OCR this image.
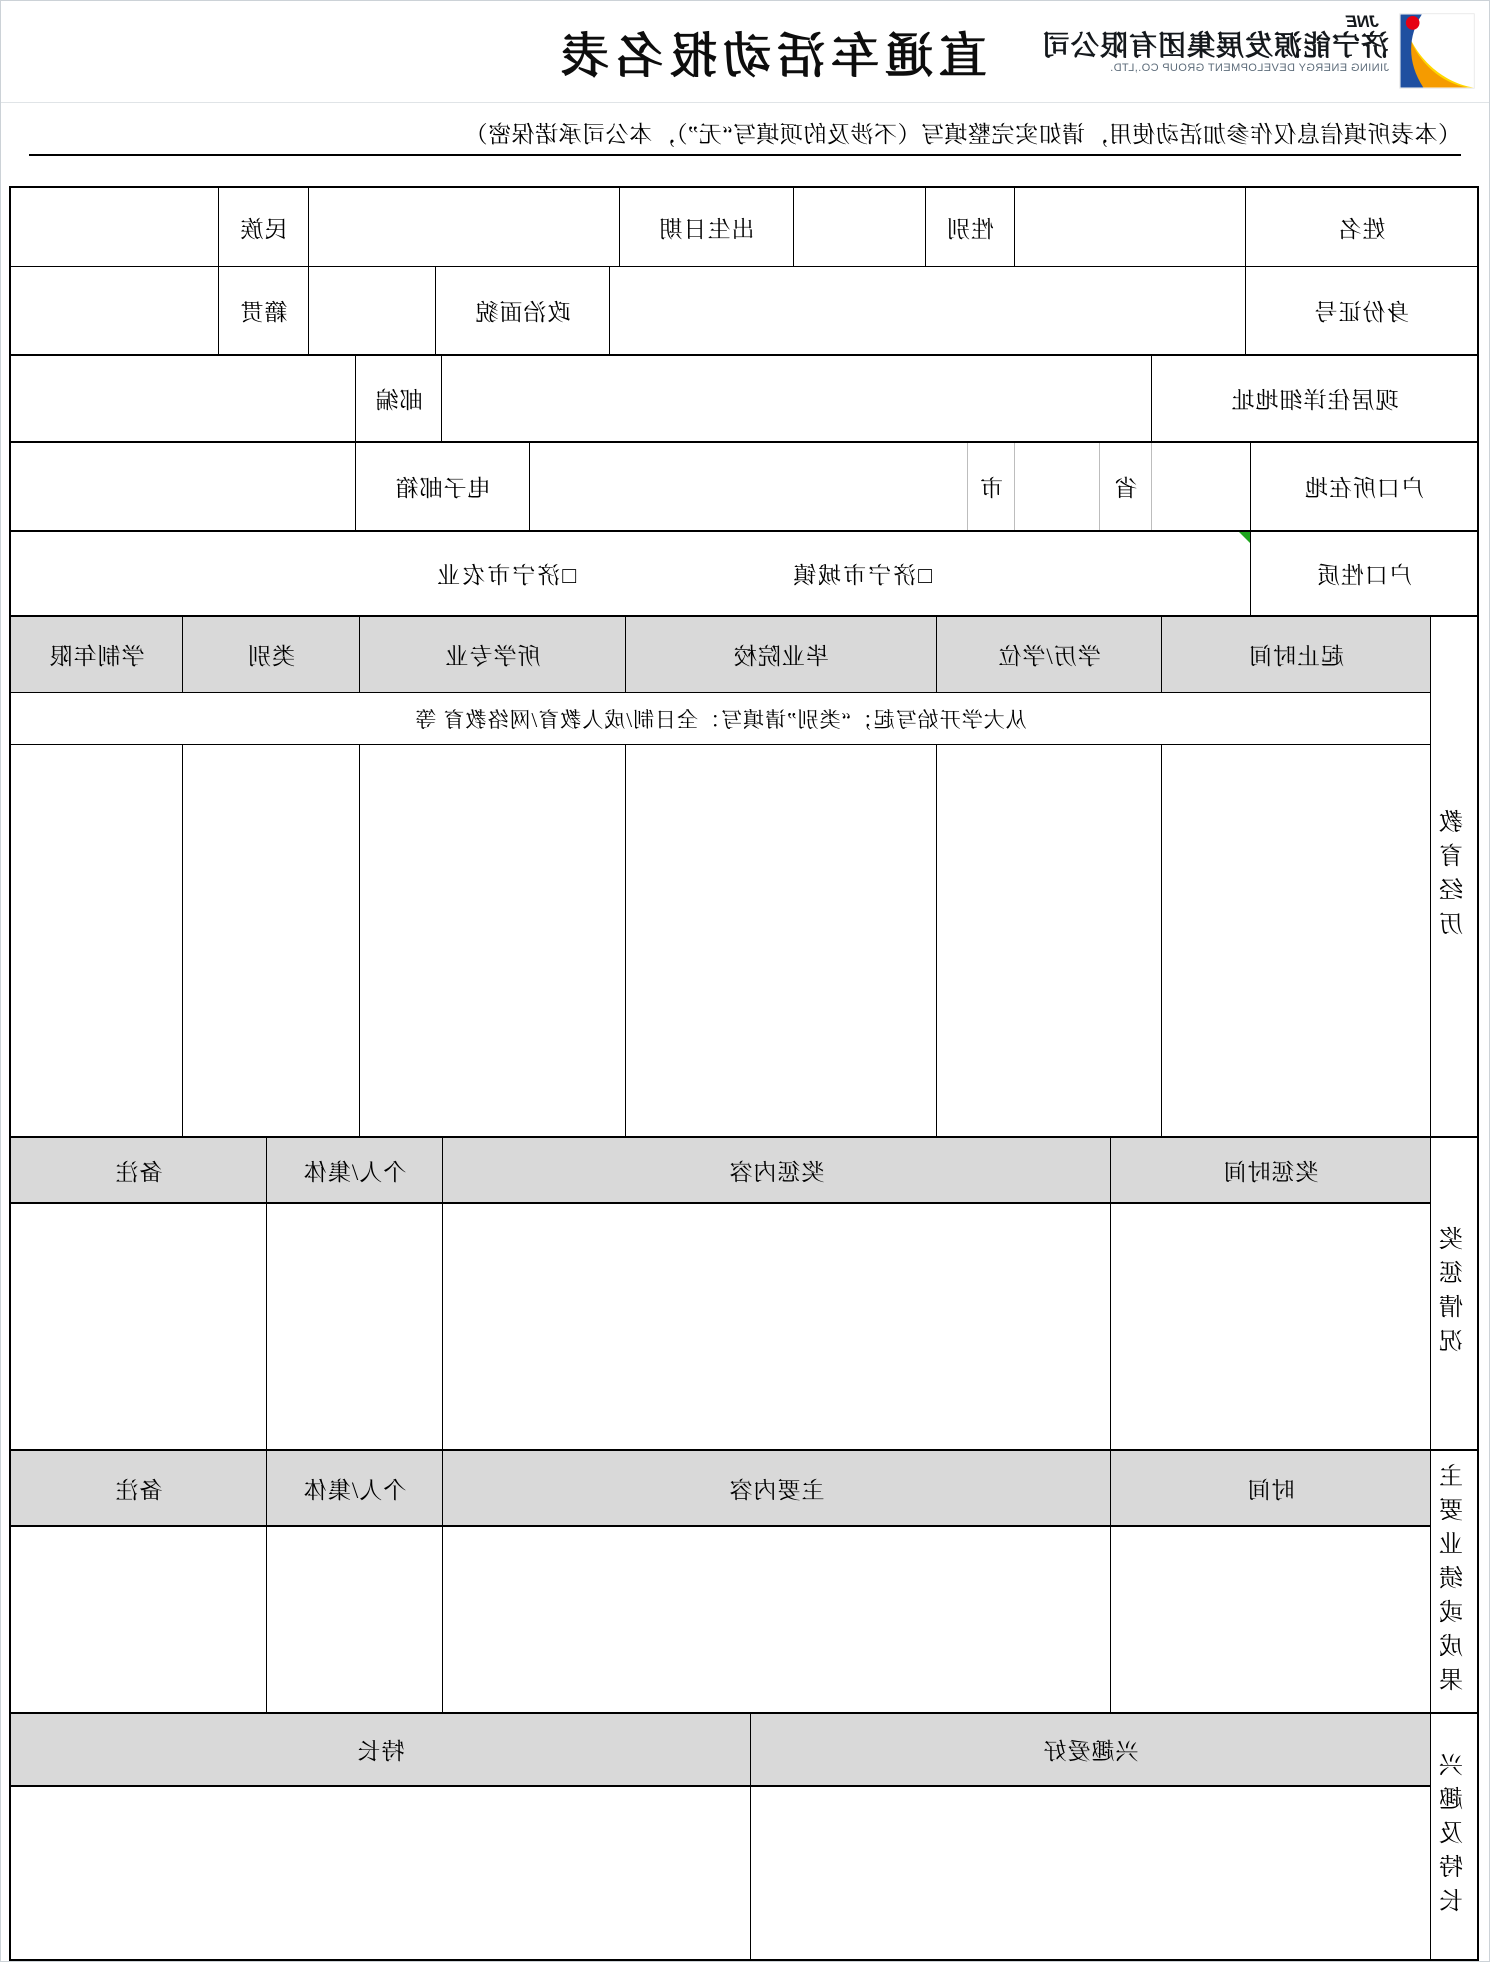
JNE
济宁能源发展集团有限公司
JINING ENERGY DEVELOPMENT GROUP CO.,LTD.
直通车活动报名表
（本表所填信息仅作参加活动使用，请如实完整填写（不涉及的项填写“无”），本公司承诺保密）
姓名
性别
出生日期
民族
身份证号
政治面貌
籍贯
现居住详细地址
邮编
户口所在地
省
市
电子邮箱
户口性质
□济宁市城镇
□济宁市农业
教育经历
起止时间
学历/学位
毕业院校
所学专业
类别
学制年限
从大学开始写起；“类别”请填写：全日制/成人教育/网络教育 等
奖惩情况
奖惩时间
奖惩内容
个人/集体
备注
主要业绩或成果
时间
主要内容
个人/集体
备注
兴趣及特长
兴趣爱好
特长
